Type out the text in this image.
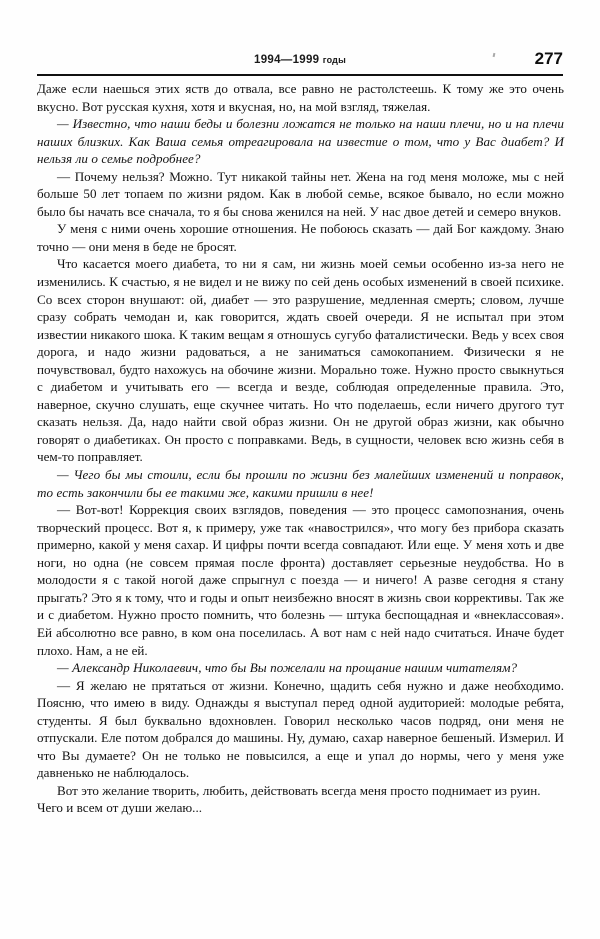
1994—1999 годы	277

Даже если наешься этих яств до отвала, все равно не растолстеешь. К тому же это очень вкусно. Вот русская кухня, хотя и вкусная, но, на мой взгляд, тяжелая.

— Известно, что наши беды и болезни ложатся не только на наши плечи, но и на плечи наших близких. Как Ваша семья отреагировала на известие о том, что у Вас диабет? И нельзя ли о семье подробнее?

— Почему нельзя? Можно. Тут никакой тайны нет. Жена на год меня моложе, мы с ней больше 50 лет топаем по жизни рядом. Как в любой семье, всякое бывало, но если можно было бы начать все сначала, то я бы снова женился на ней. У нас двое детей и семеро внуков.

У меня с ними очень хорошие отношения. Не побоюсь сказать — дай Бог каждому. Знаю точно — они меня в беде не бросят.

Что касается моего диабета, то ни я сам, ни жизнь моей семьи особенно из-за него не изменились. К счастью, я не видел и не вижу по сей день особых изменений в своей психике. Со всех сторон внушают: ой, диабет — это разрушение, медленная смерть; словом, лучше сразу собрать чемодан и, как говорится, ждать своей очереди. Я не испытал при этом известии никакого шока. К таким вещам я отношусь сугубо фаталистически. Ведь у всех своя дорога, и надо жизни радоваться, а не заниматься самокопанием. Физически я не почувствовал, будто нахожусь на обочине жизни. Морально тоже. Нужно просто свыкнуться с диабетом и учитывать его — всегда и везде, соблюдая определенные правила. Это, наверное, скучно слушать, еще скучнее читать. Но что поделаешь, если ничего другого тут сказать нельзя. Да, надо найти свой образ жизни. Он не другой образ жизни, как обычно говорят о диабетиках. Он просто с поправками. Ведь, в сущности, человек всю жизнь себя в чем-то поправляет.

— Чего бы мы стоили, если бы прошли по жизни без малейших изменений и поправок, то есть закончили бы ее такими же, какими пришли в нее!

— Вот-вот! Коррекция своих взглядов, поведения — это процесс самопознания, очень творческий процесс. Вот я, к примеру, уже так «навострился», что могу без прибора сказать примерно, какой у меня сахар. И цифры почти всегда совпадают. Или еще. У меня хоть и две ноги, но одна (не совсем прямая после фронта) доставляет серьезные неудобства. Но в молодости я с такой ногой даже спрыгнул с поезда — и ничего! А разве сегодня я стану прыгать? Это я к тому, что и годы и опыт неизбежно вносят в жизнь свои коррективы. Так же и с диабетом. Нужно просто помнить, что болезнь — штука беспощадная и «внеклассовая». Ей абсолютно все равно, в ком она поселилась. А вот нам с ней надо считаться. Иначе будет плохо. Нам, а не ей.

— Александр Николаевич, что бы Вы пожелали на прощание нашим читателям?

— Я желаю не прятаться от жизни. Конечно, щадить себя нужно и даже необходимо. Поясню, что имею в виду. Однажды я выступал перед одной аудиторией: молодые ребята, студенты. Я был буквально вдохновлен. Говорил несколько часов подряд, они меня не отпускали. Еле потом добрался до машины. Ну, думаю, сахар наверное бешеный. Измерил. И что Вы думаете? Он не только не повысился, а еще и упал до нормы, чего у меня уже давненько не наблюдалось.

Вот это желание творить, любить, действовать всегда меня просто поднимает из руин. Чего и всем от души желаю...
